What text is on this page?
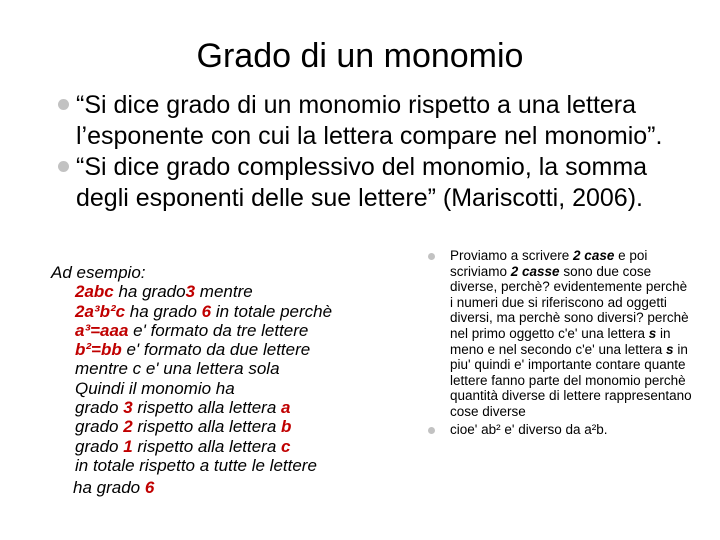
Grado di un monomio
“Si dice grado di un monomio rispetto a una lettera l’esponente con cui la lettera compare nel monomio”.
“Si dice grado complessivo del monomio, la somma degli esponenti delle sue lettere” (Mariscotti, 2006).
Ad esempio:
2abc ha grado3 mentre
2a³b²c ha grado 6 in totale perchè
a³=aaa e' formato da tre lettere
b²=bb e' formato da due lettere
mentre c e' una lettera sola
Quindi il monomio ha
grado 3 rispetto alla lettera a
grado 2 rispetto alla lettera b
grado 1 rispetto alla lettera c
in totale rispetto a tutte le lettere
ha grado 6
Proviamo a scrivere 2 case e poi scriviamo 2 casse sono due cose diverse, perchè? evidentemente perchè i numeri due si riferiscono ad oggetti diversi, ma perchè sono diversi? perchè nel primo oggetto c'e' una lettera s in meno e nel secondo c'e' una lettera s in piu' quindi e' importante contare quante lettere fanno parte del monomio perchè quantità diverse di lettere rappresentano cose diverse
cioe' ab² e' diverso da a²b.
